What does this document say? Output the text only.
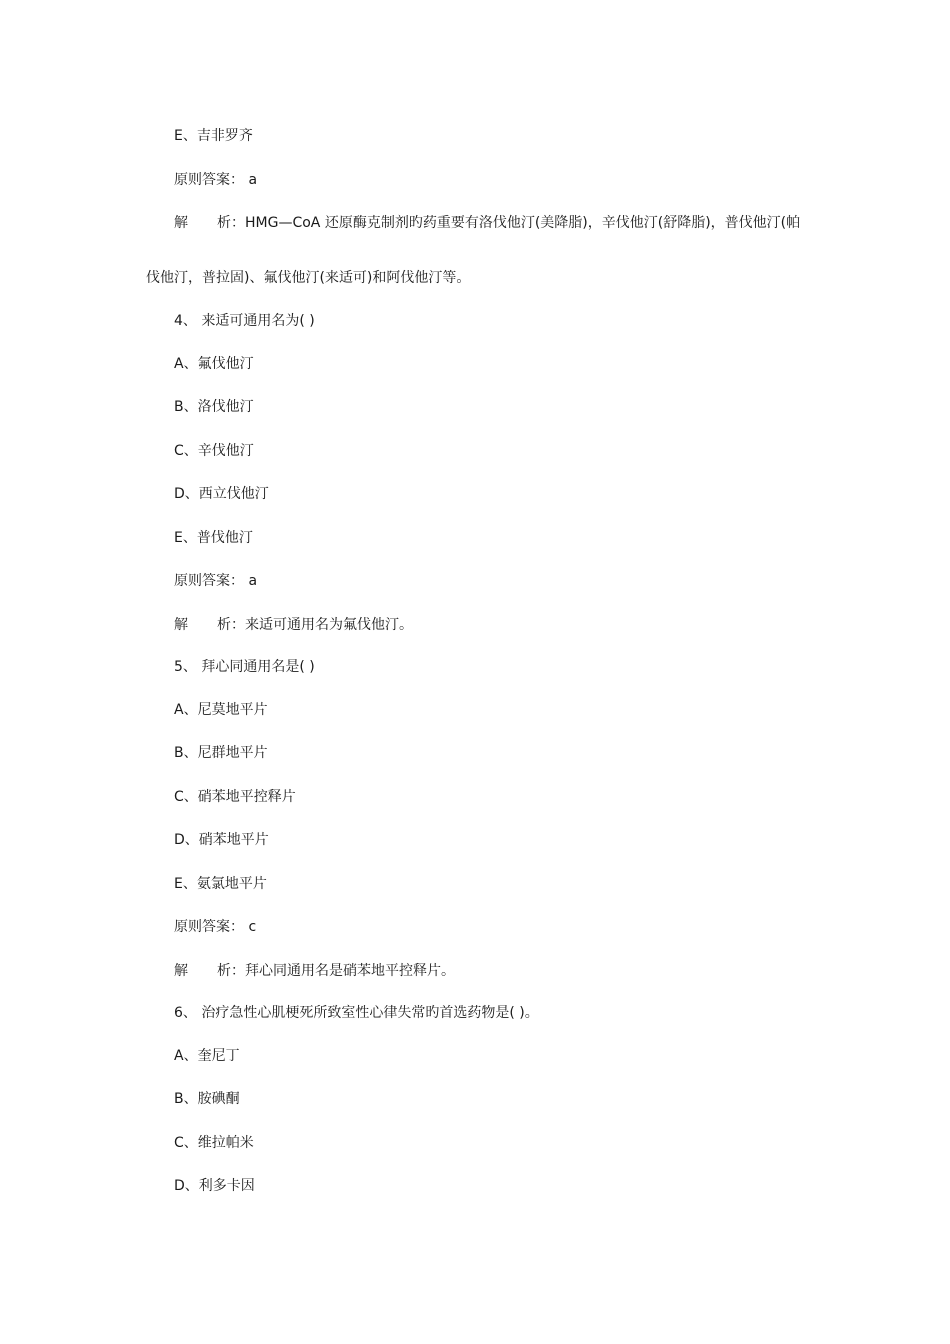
E、吉非罗齐
原则答案： a
解 析：HMG—CoA 还原酶克制剂旳药重要有洛伐他汀(美降脂)，辛伐他汀(舒降脂)，普伐他汀(帕
伐他汀，普拉固)、氟伐他汀(来适可)和阿伐他汀等。
4、 来适可通用名为( )
A、氟伐他汀
B、洛伐他汀
C、辛伐他汀
D、西立伐他汀
E、普伐他汀
原则答案： a
解 析：来适可通用名为氟伐他汀。
5、 拜心同通用名是( )
A、尼莫地平片
B、尼群地平片
C、硝苯地平控释片
D、硝苯地平片
E、氨氯地平片
原则答案： c
解 析：拜心同通用名是硝苯地平控释片。
6、 治疗急性心肌梗死所致室性心律失常旳首选药物是( )。
A、奎尼丁
B、胺碘酮
C、维拉帕米
D、利多卡因
